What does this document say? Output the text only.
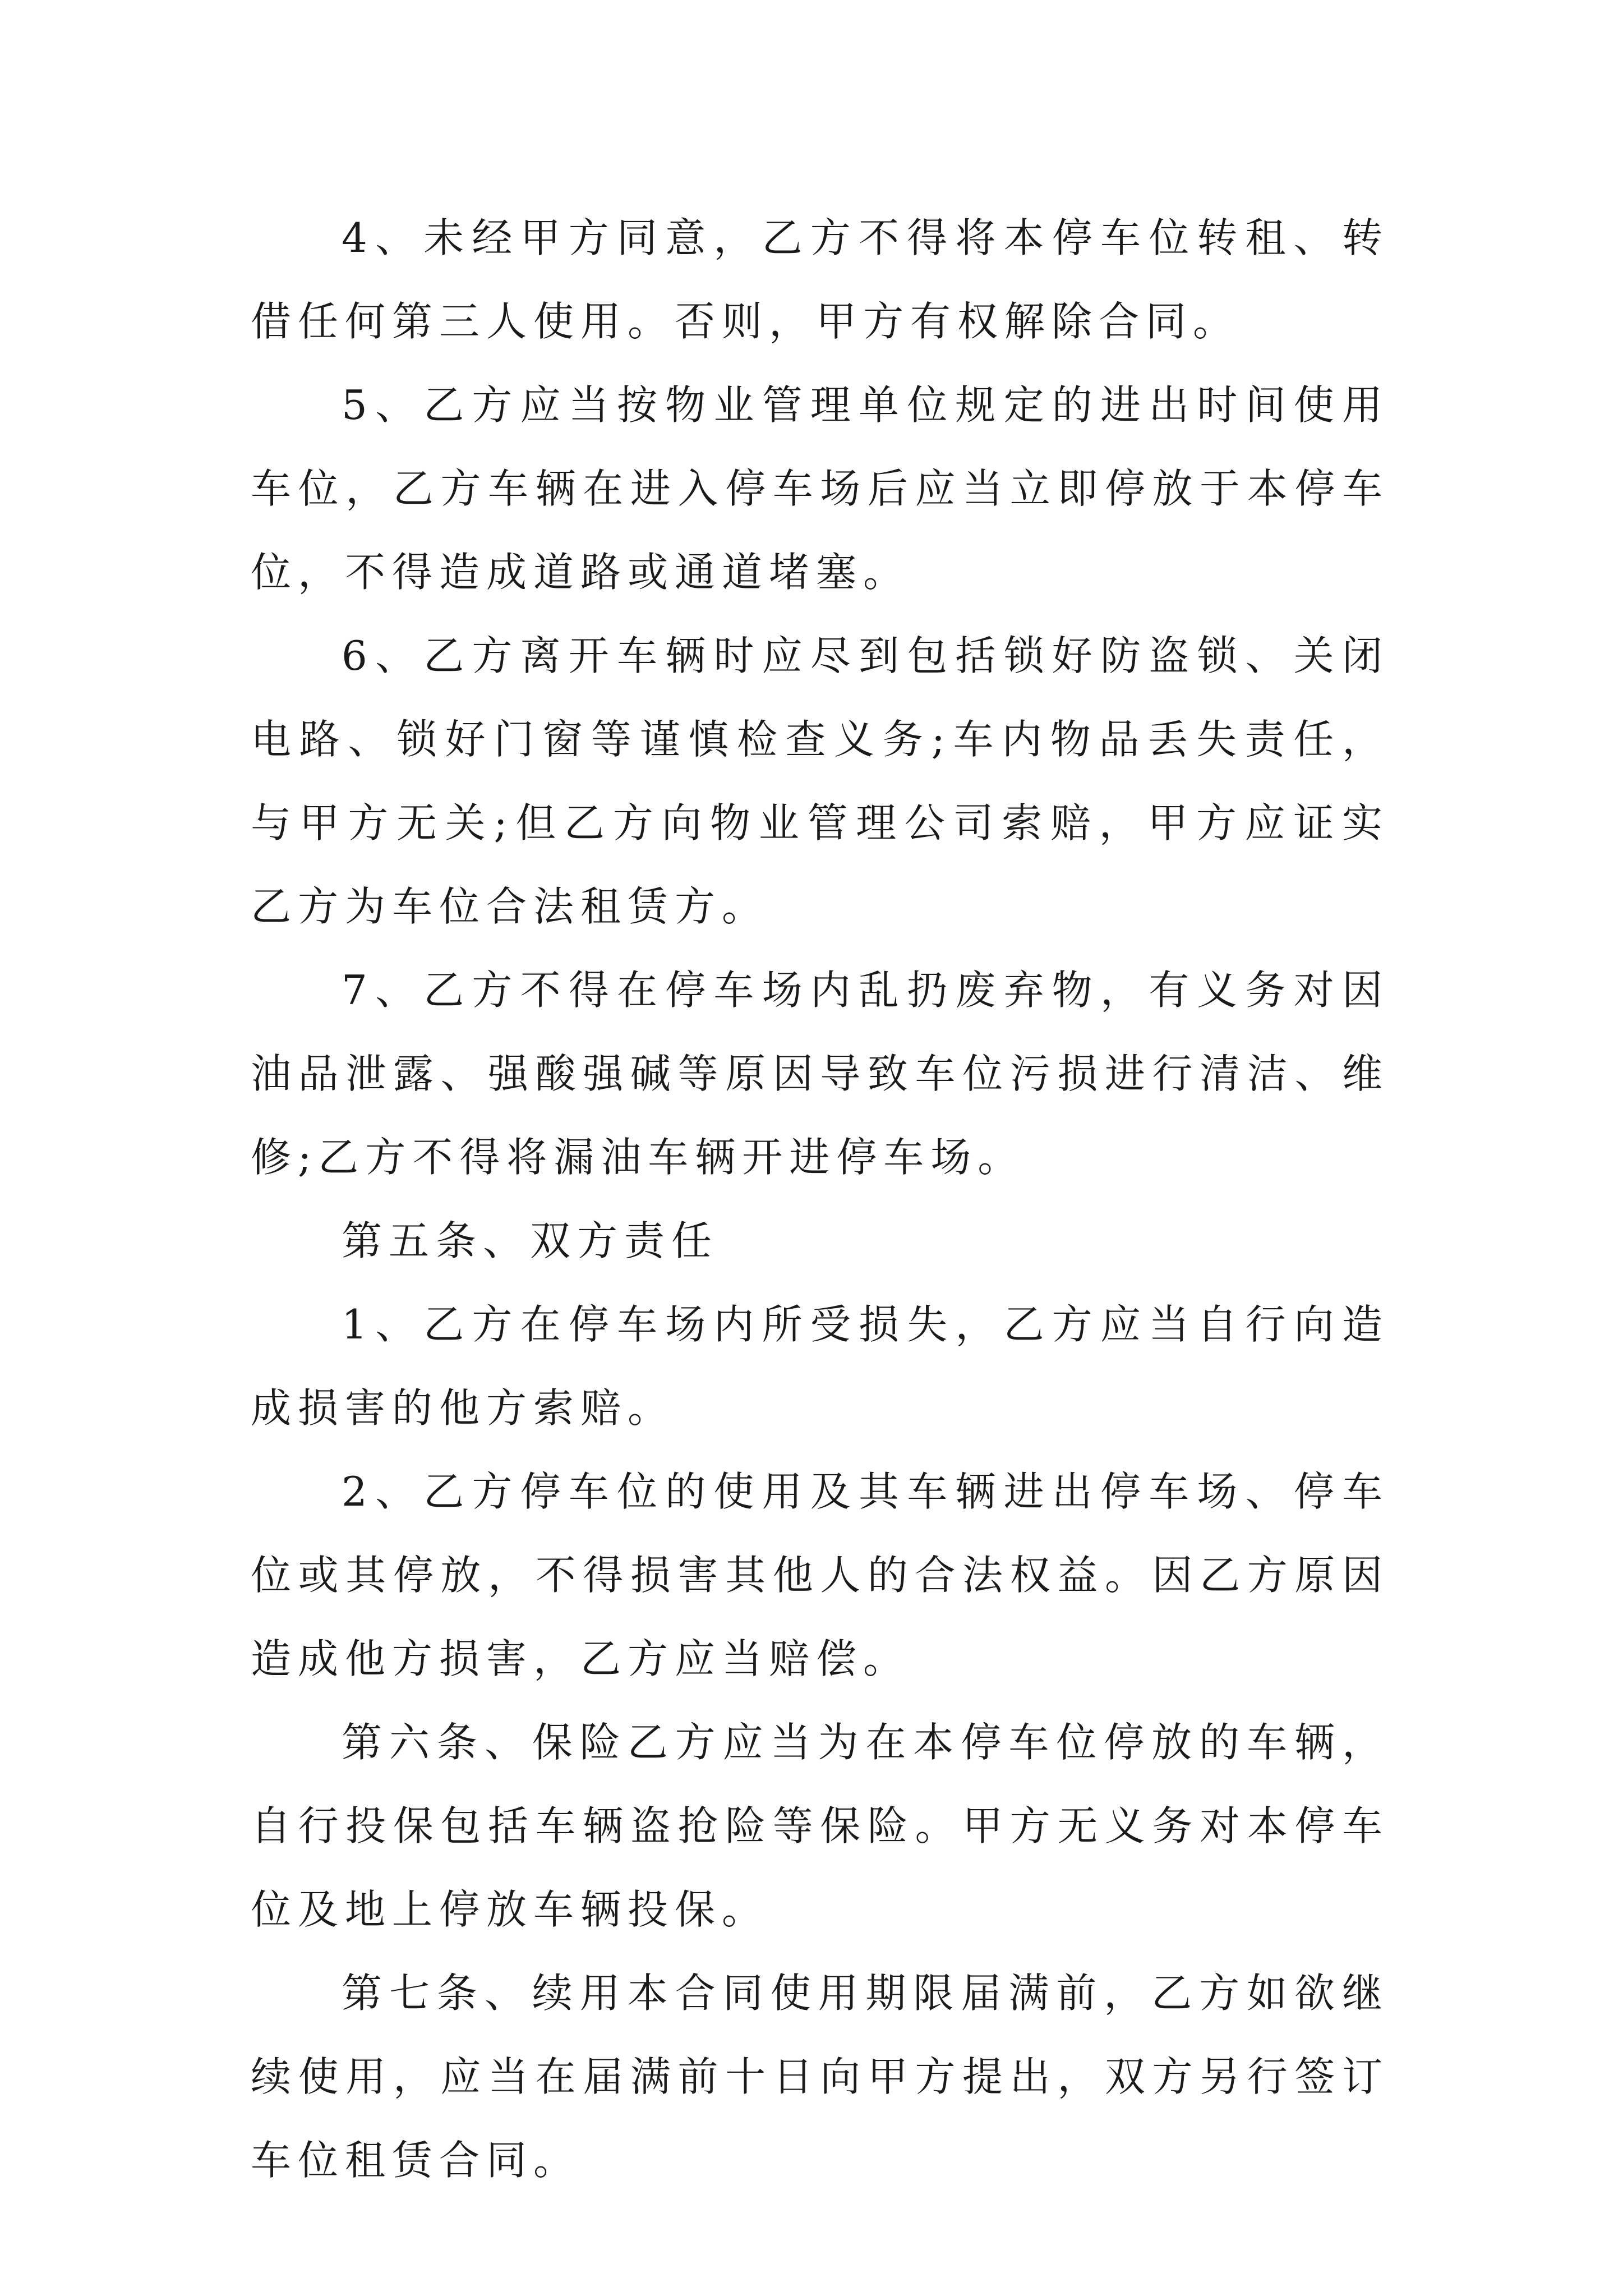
4、未经甲方同意，乙方不得将本停车位转租、转借任何第三人使用。否则，甲方有权解除合同。

5、乙方应当按物业管理单位规定的进出时间使用车位，乙方车辆在进入停车场后应当立即停放于本停车位，不得造成道路或通道堵塞。

6、乙方离开车辆时应尽到包括锁好防盗锁、关闭电路、锁好门窗等谨慎检查义务;车内物品丢失责任，与甲方无关;但乙方向物业管理公司索赔，甲方应证实乙方为车位合法租赁方。

7、乙方不得在停车场内乱扔废弃物，有义务对因油品泄露、强酸强碱等原因导致车位污损进行清洁、维修;乙方不得将漏油车辆开进停车场。

第五条、双方责任

1、乙方在停车场内所受损失，乙方应当自行向造成损害的他方索赔。

2、乙方停车位的使用及其车辆进出停车场、停车位或其停放，不得损害其他人的合法权益。因乙方原因造成他方损害，乙方应当赔偿。

第六条、保险乙方应当为在本停车位停放的车辆，自行投保包括车辆盗抢险等保险。甲方无义务对本停车位及地上停放车辆投保。

第七条、续用本合同使用期限届满前，乙方如欲继续使用，应当在届满前十日向甲方提出，双方另行签订车位租赁合同。
